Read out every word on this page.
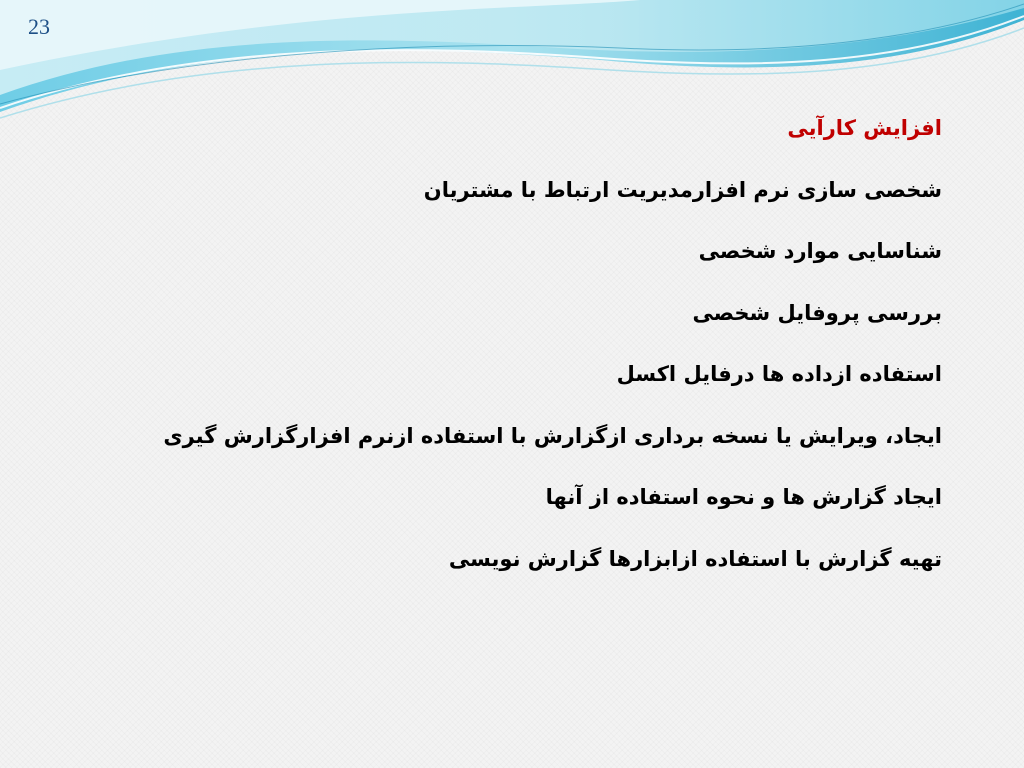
23
افزایش کارآیی
شخصی سازی نرم افزارمدیریت ارتباط با مشتریان
شناسایی موارد شخصی
بررسی پروفایل شخصی
استفاده ازداده ها درفایل اکسل
ایجاد، ویرایش یا نسخه برداری ازگزارش با استفاده ازنرم افزارگزارش گیری
ایجاد گزارش ها و نحوه استفاده از آنها
تهیه گزارش با استفاده ازابزارها گزارش نویسی
